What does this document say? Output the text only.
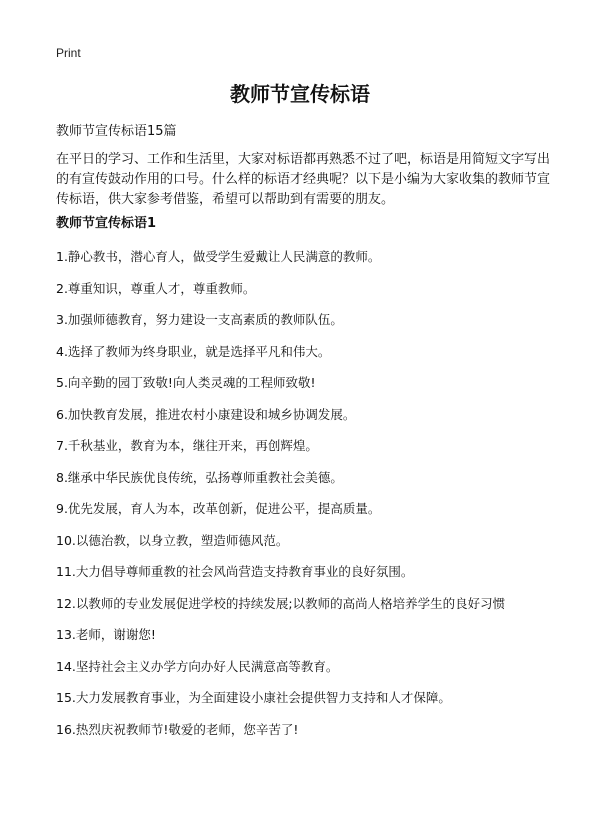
Print
教师节宣传标语

教师节宣传标语15篇

在平日的学习、工作和生活里，大家对标语都再熟悉不过了吧，标语是用简短文字写出的有宣传鼓动作用的口号。什么样的标语才经典呢？以下是小编为大家收集的教师节宣传标语，供大家参考借鉴，希望可以帮助到有需要的朋友。

教师节宣传标语1

1.静心教书，潜心育人，做受学生爱戴让人民满意的教师。
2.尊重知识，尊重人才，尊重教师。
3.加强师德教育，努力建设一支高素质的教师队伍。
4.选择了教师为终身职业，就是选择平凡和伟大。
5.向辛勤的园丁致敬!向人类灵魂的工程师致敬!
6.加快教育发展，推进农村小康建设和城乡协调发展。
7.千秋基业，教育为本，继往开来，再创辉煌。
8.继承中华民族优良传统，弘扬尊师重教社会美德。
9.优先发展，育人为本，改革创新，促进公平，提高质量。
10.以德治教，以身立教，塑造师德风范。
11.大力倡导尊师重教的社会风尚营造支持教育事业的良好氛围。
12.以教师的专业发展促进学校的持续发展;以教师的高尚人格培养学生的良好习惯
13.老师，谢谢您!
14.坚持社会主义办学方向办好人民满意高等教育。
15.大力发展教育事业，为全面建设小康社会提供智力支持和人才保障。
16.热烈庆祝教师节!敬爱的老师，您辛苦了!
